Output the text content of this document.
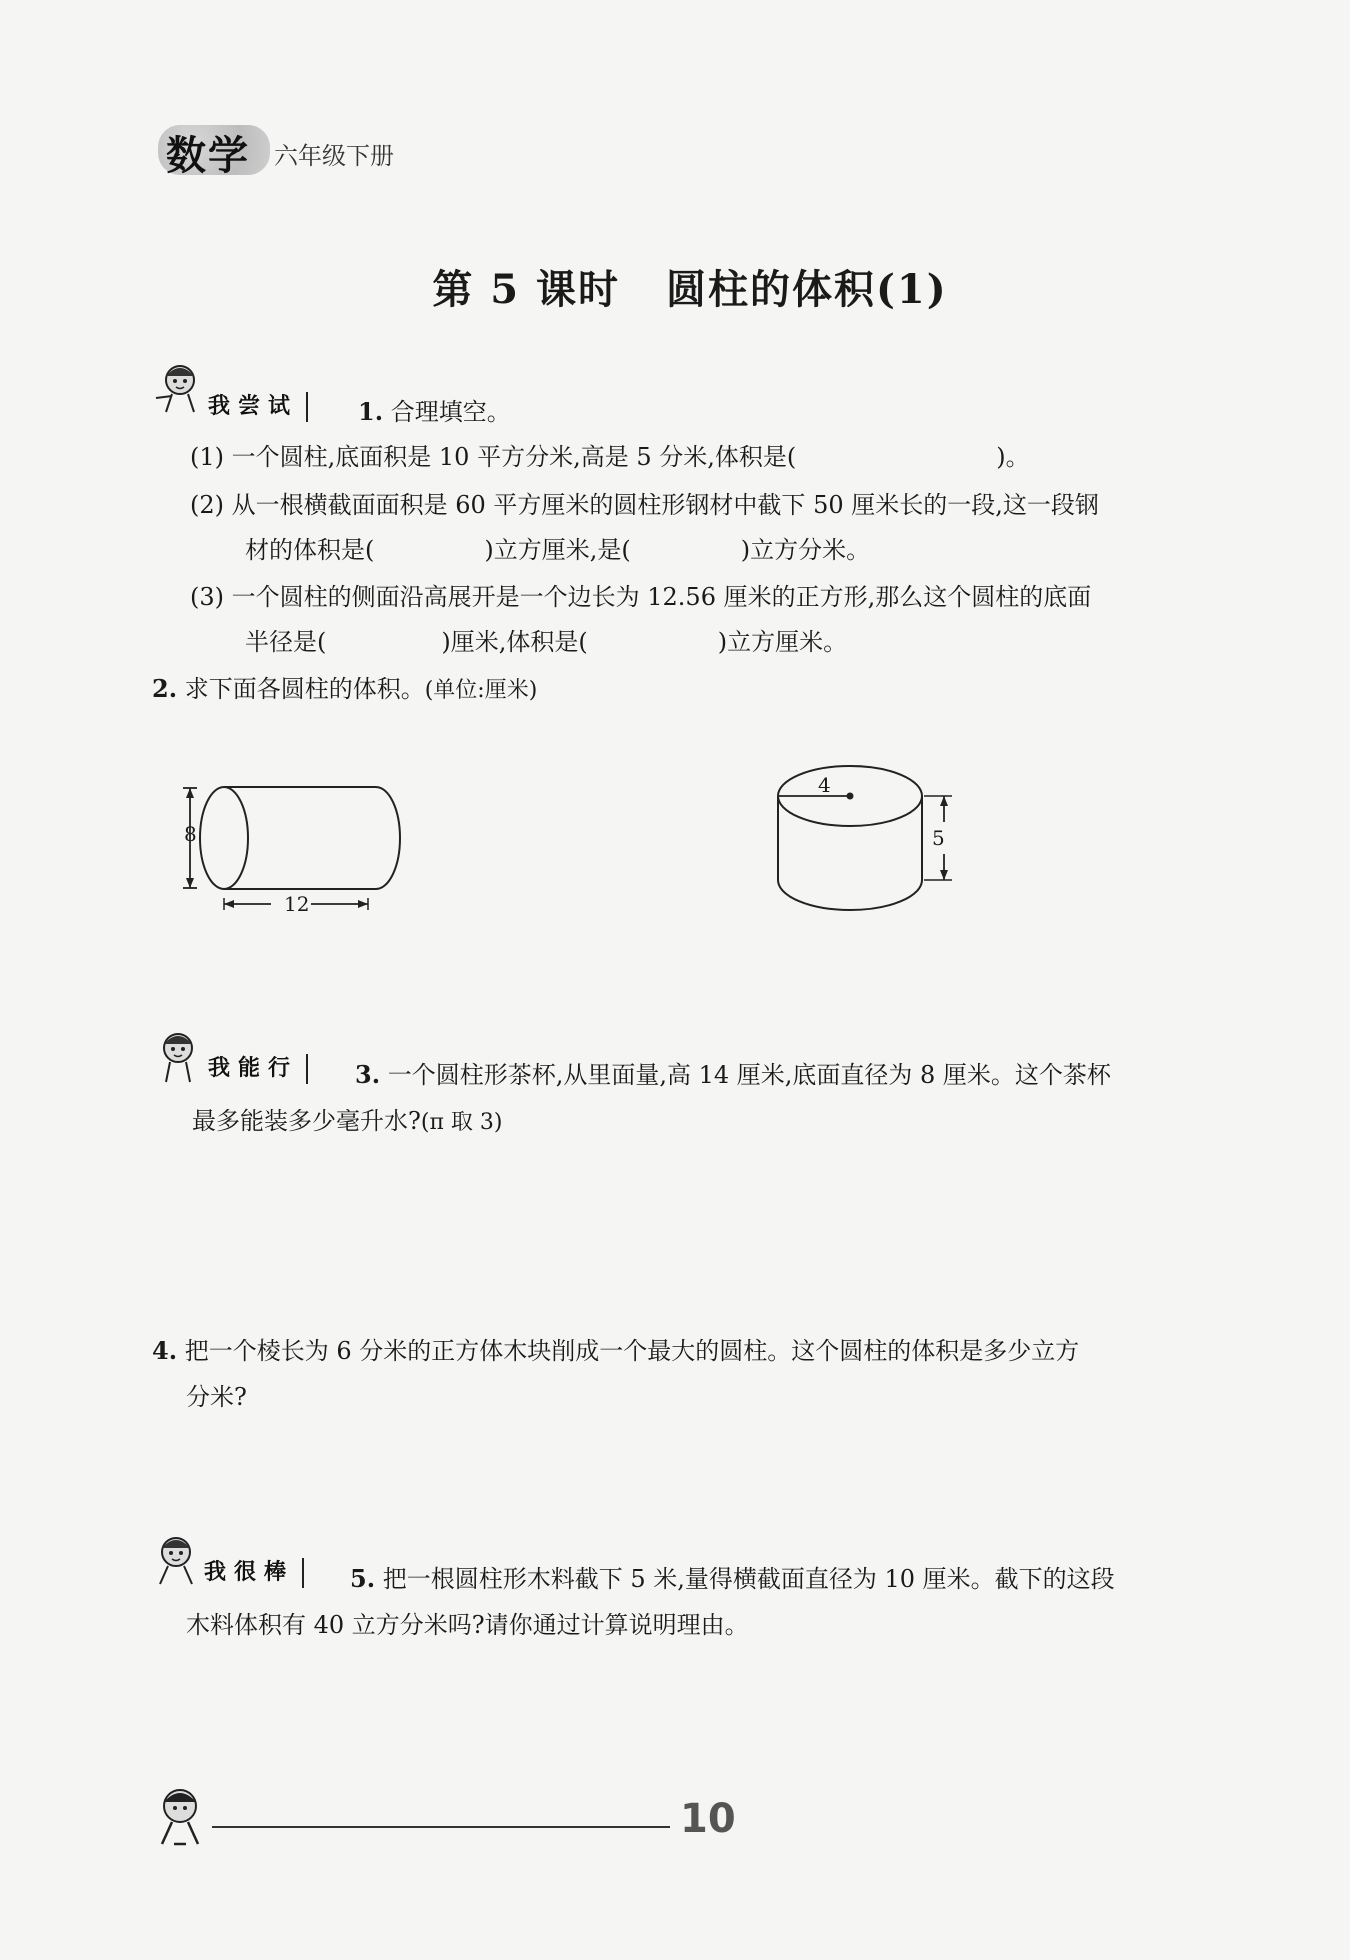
数学 六年级下册
第 5 课时 圆柱的体积(1)
我尝试	1. 合理填空。
(1) 一个圆柱,底面积是 10 平方分米,高是 5 分米,体积是(	)。
(2) 从一根横截面面积是 60 平方厘米的圆柱形钢材中截下 50 厘米长的一段,这一段钢
材的体积是(	)立方厘米,是(	)立方分米。
(3) 一个圆柱的侧面沿高展开是一个边长为 12.56 厘米的正方形,那么这个圆柱的底面
半径是(	)厘米,体积是(	)立方厘米。
2. 求下面各圆柱的体积。(单位:厘米)
8
12
4
5
我能行	3. 一个圆柱形茶杯,从里面量,高 14 厘米,底面直径为 8 厘米。这个茶杯
最多能装多少毫升水?(π 取 3)
4. 把一个棱长为 6 分米的正方体木块削成一个最大的圆柱。这个圆柱的体积是多少立方
分米?
我很棒	5. 把一根圆柱形木料截下 5 米,量得横截面直径为 10 厘米。截下的这段
木料体积有 40 立方分米吗?请你通过计算说明理由。
10
